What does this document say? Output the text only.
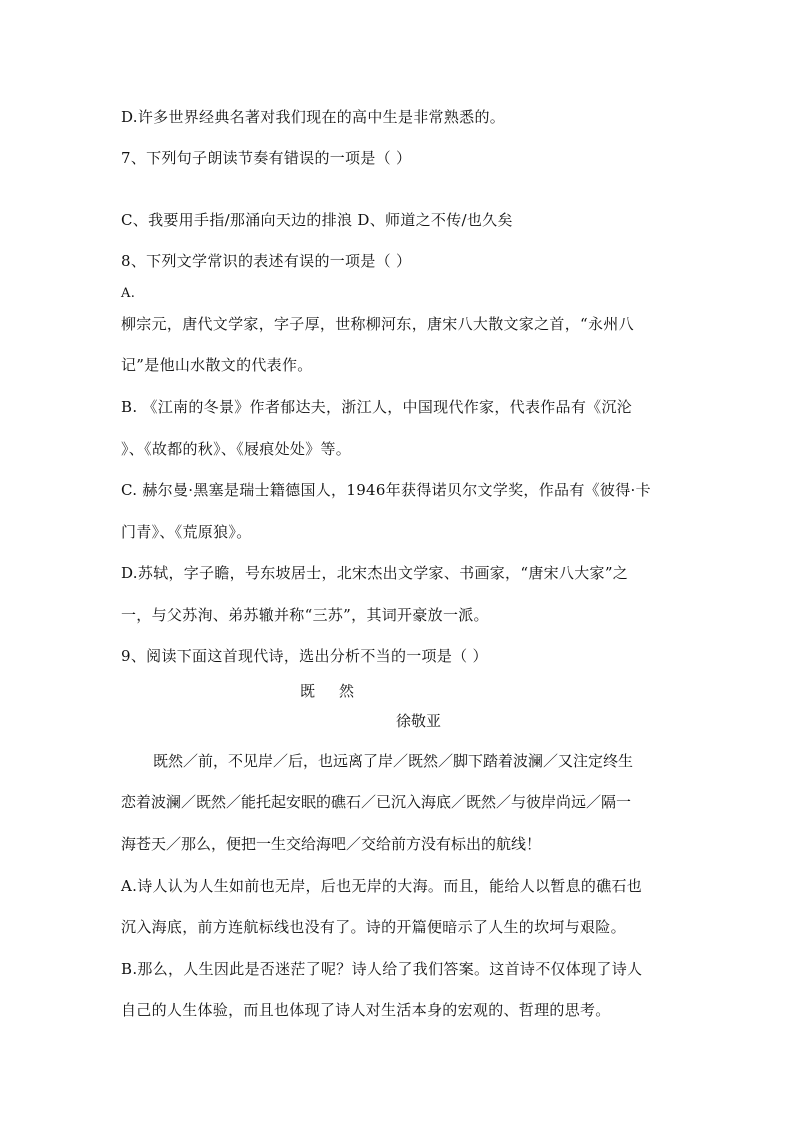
D.许多世界经典名著对我们现在的高中生是非常熟悉的。
7、下列句子朗读节奏有错误的一项是（ ）
C、我要用手指/那涌向天边的排浪 D、师道之不传/也久矣
8、下列文学常识的表述有误的一项是（ ）
A.
柳宗元，唐代文学家，字子厚，世称柳河东，唐宋八大散文家之首，“永州八
记”是他山水散文的代表作。
B. 《江南的冬景》作者郁达夫，浙江人，中国现代作家，代表作品有《沉沦
》、《故都的秋》、《屐痕处处》等。
C. 赫尔曼·黑塞是瑞士籍德国人，1946年获得诺贝尔文学奖，作品有《彼得·卡
门青》、《荒原狼》。
D.苏轼，字子瞻，号东坡居士，北宋杰出文学家、书画家，“唐宋八大家”之
一，与父苏洵、弟苏辙并称“三苏”，其词开豪放一派。
9、阅读下面这首现代诗，选出分析不当的一项是（ ）
既 然
徐敬亚
既然／前，不见岸／后，也远离了岸／既然／脚下踏着波澜／又注定终生
恋着波澜／既然／能托起安眠的礁石／已沉入海底／既然／与彼岸尚远／隔一
海苍天／那么，便把一生交给海吧／交给前方没有标出的航线！
A.诗人认为人生如前也无岸，后也无岸的大海。而且，能给人以暂息的礁石也
沉入海底，前方连航标线也没有了。诗的开篇便暗示了人生的坎坷与艰险。
B.那么，人生因此是否迷茫了呢？诗人给了我们答案。这首诗不仅体现了诗人
自己的人生体验，而且也体现了诗人对生活本身的宏观的、哲理的思考。
